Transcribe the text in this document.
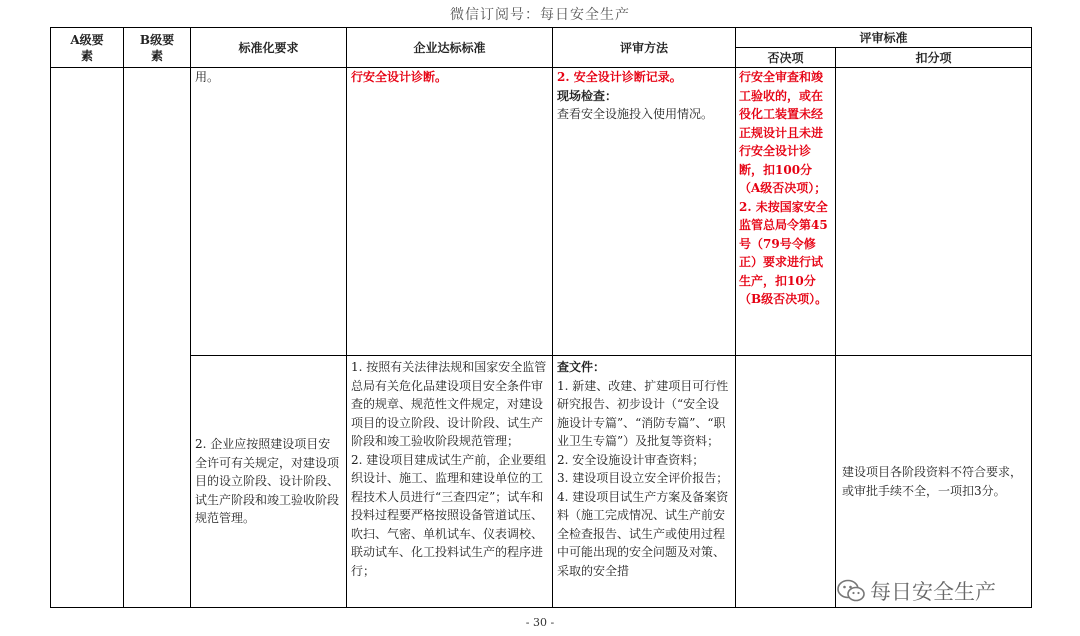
微信订阅号：每日安全生产
A级要素	B级要素	标准化要求	企业达标标准	评审方法	评审标准	
					否决项	扣分项
		用。	行安全设计诊断。	2. 安全设计诊断记录。
现场检查：
查看安全设施投入使用情况。	行安全审查和竣工验收的，或在役化工装置未经正规设计且未进行安全设计诊断，扣100分（A级否决项）；
2. 未按国家安全监管总局令第45号（79号令修正）要求进行试生产，扣10分（B级否决项）。	

		2. 企业应按照建设项目安全许可有关规定，对建设项目的设立阶段、设计阶段、试生产阶段和竣工验收阶段规范管理。	1. 按照有关法律法规和国家安全监管总局有关危化品建设项目安全条件审查的规章、规范性文件规定，对建设项目的设立阶段、设计阶段、试生产阶段和竣工验收阶段规范管理；
2. 建设项目建成试生产前，企业要组织设计、施工、监理和建设单位的工程技术人员进行“三查四定”；试车和投料过程要严格按照设备管道试压、吹扫、气密、单机试车、仪表调校、联动试车、化工投料试生产的程序进行；	查文件：
1. 新建、改建、扩建项目可行性研究报告、初步设计（“安全设施设计专篇”、“消防专篇”、“职业卫生专篇”）及批复等资料；
2. 安全设施设计审查资料；
3. 建设项目设立安全评价报告；
4. 建设项目试生产方案及备案资料（施工完成情况、试生产前安全检查报告、试生产或使用过程中可能出现的安全问题及对策、采取的安全措		建设项目各阶段资料不符合要求，或审批手续不全，一项扣3分。
每日安全生产
- 30 -
